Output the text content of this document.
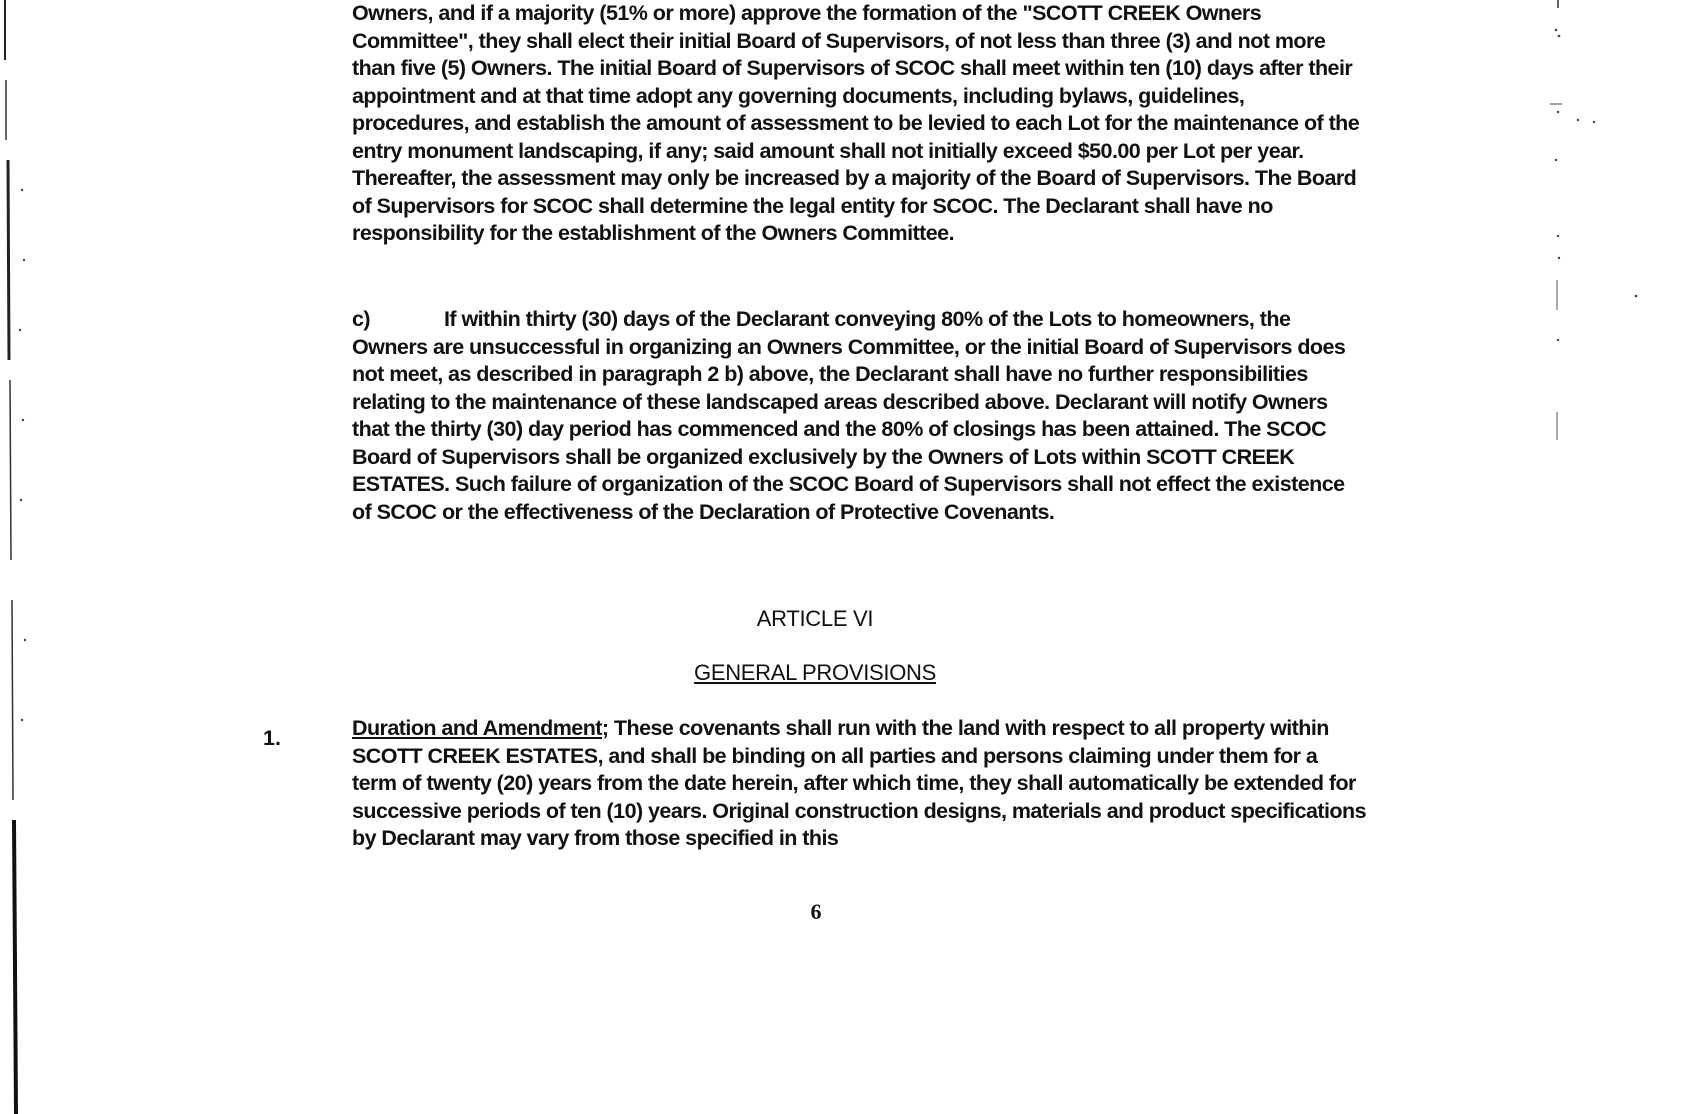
Owners, and if a majority (51% or more) approve the formation of the "SCOTT CREEK Owners Committee", they shall elect their initial Board of Supervisors, of not less than three (3) and not more than five (5) Owners. The initial Board of Supervisors of SCOC shall meet within ten (10) days after their appointment and at that time adopt any governing documents, including bylaws, guidelines, procedures, and establish the amount of assessment to be levied to each Lot for the maintenance of the entry monument landscaping, if any; said amount shall not initially exceed $50.00 per Lot per year. Thereafter, the assessment may only be increased by a majority of the Board of Supervisors. The Board of Supervisors for SCOC shall determine the legal entity for SCOC. The Declarant shall have no responsibility for the establishment of the Owners Committee.

c)	If within thirty (30) days of the Declarant conveying 80% of the Lots to homeowners, the Owners are unsuccessful in organizing an Owners Committee, or the initial Board of Supervisors does not meet, as described in paragraph 2 b) above, the Declarant shall have no further responsibilities relating to the maintenance of these landscaped areas described above. Declarant will notify Owners that the thirty (30) day period has commenced and the 80% of closings has been attained. The SCOC Board of Supervisors shall be organized exclusively by the Owners of Lots within SCOTT CREEK ESTATES. Such failure of organization of the SCOC Board of Supervisors shall not effect the existence of SCOC or the effectiveness of the Declaration of Protective Covenants.

ARTICLE VI
GENERAL PROVISIONS
1.	Duration and Amendment; These covenants shall run with the land with respect to all property within SCOTT CREEK ESTATES, and shall be binding on all parties and persons claiming under them for a term of twenty (20) years from the date herein, after which time, they shall automatically be extended for successive periods of ten (10) years. Original construction designs, materials and product specifications by Declarant may vary from those specified in this

6
